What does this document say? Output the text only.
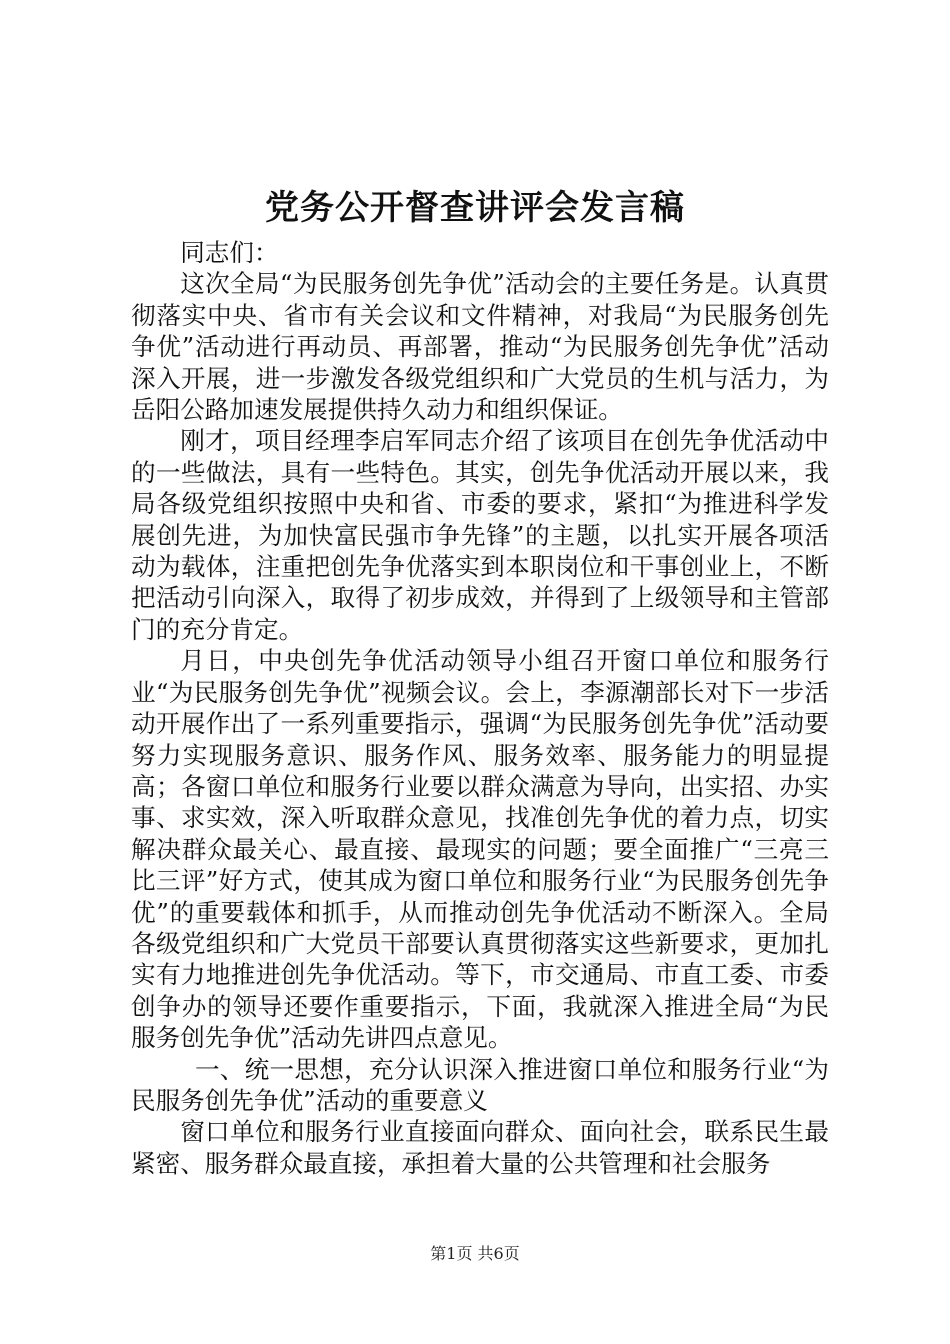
党务公开督查讲评会发言稿

同志们：

这次全局“为民服务创先争优”活动会的主要任务是。认真贯彻落实中央、省市有关会议和文件精神，对我局“为民服务创先争优”活动进行再动员、再部署，推动“为民服务创先争优”活动深入开展，进一步激发各级党组织和广大党员的生机与活力，为岳阳公路加速发展提供持久动力和组织保证。

刚才，项目经理李启军同志介绍了该项目在创先争优活动中的一些做法，具有一些特色。其实，创先争优活动开展以来，我局各级党组织按照中央和省、市委的要求，紧扣“为推进科学发展创先进，为加快富民强市争先锋”的主题，以扎实开展各项活动为载体，注重把创先争优落实到本职岗位和干事创业上，不断把活动引向深入，取得了初步成效，并得到了上级领导和主管部门的充分肯定。

月日，中央创先争优活动领导小组召开窗口单位和服务行业“为民服务创先争优”视频会议。会上，李源潮部长对下一步活动开展作出了一系列重要指示，强调“为民服务创先争优”活动要努力实现服务意识、服务作风、服务效率、服务能力的明显提高；各窗口单位和服务行业要以群众满意为导向，出实招、办实事、求实效，深入听取群众意见，找准创先争优的着力点，切实解决群众最关心、最直接、最现实的问题；要全面推广“三亮三比三评”好方式，使其成为窗口单位和服务行业“为民服务创先争优”的重要载体和抓手，从而推动创先争优活动不断深入。全局各级党组织和广大党员干部要认真贯彻落实这些新要求，更加扎实有力地推进创先争优活动。等下，市交通局、市直工委、市委创争办的领导还要作重要指示，下面，我就深入推进全局“为民服务创先争优”活动先讲四点意见。

一、统一思想，充分认识深入推进窗口单位和服务行业“为民服务创先争优”活动的重要意义

窗口单位和服务行业直接面向群众、面向社会，联系民生最紧密、服务群众最直接，承担着大量的公共管理和社会服务

第1页 共6页
